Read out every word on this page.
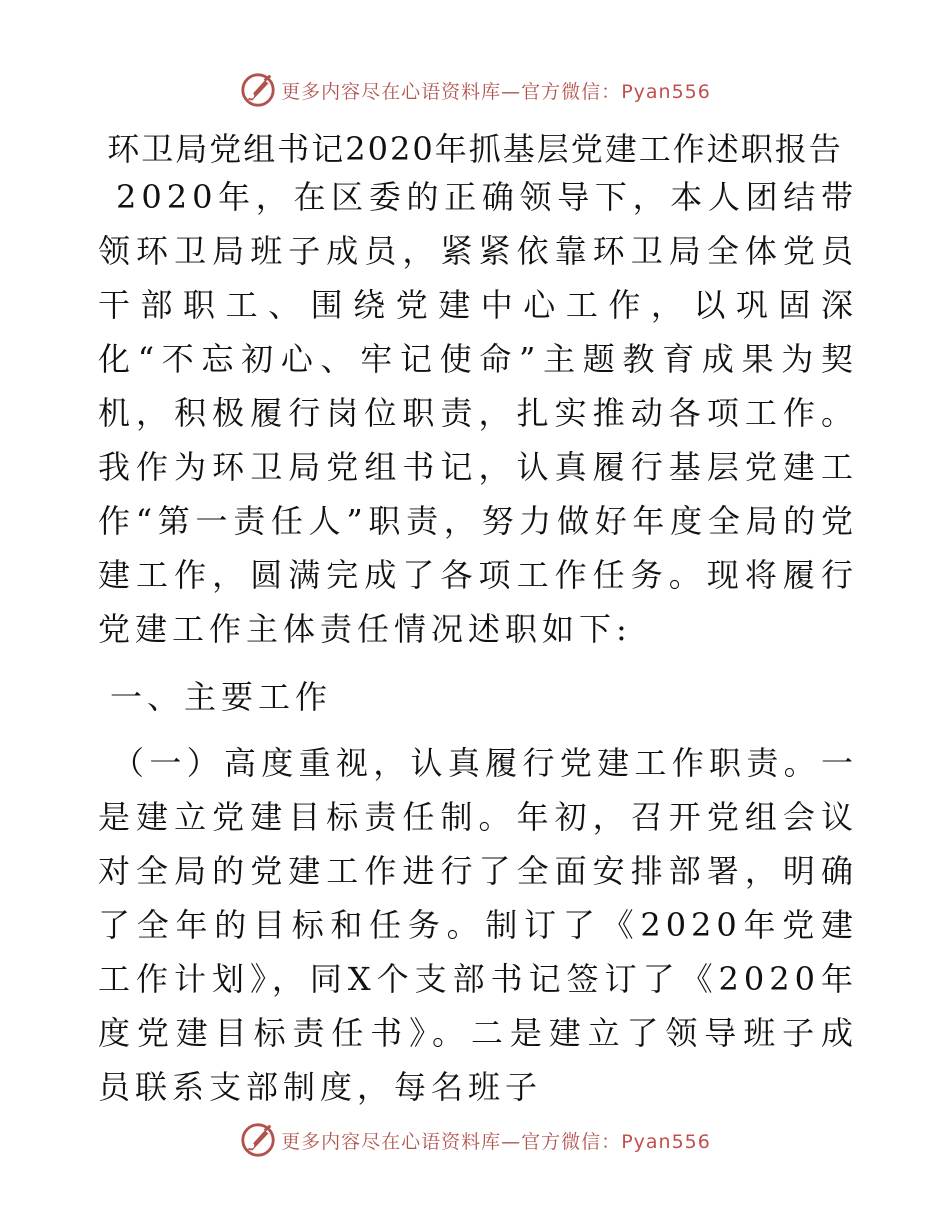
更多内容尽在心语资料库—官方微信：Pyan556
环卫局党组书记2020年抓基层党建工作述职报告

2020年，在区委的正确领导下，本人团结带领环卫局班子成员，紧紧依靠环卫局全体党员干部职工、围绕党建中心工作，以巩固深化“不忘初心、牢记使命”主题教育成果为契机，积极履行岗位职责，扎实推动各项工作。我作为环卫局党组书记，认真履行基层党建工作“第一责任人”职责，努力做好年度全局的党建工作，圆满完成了各项工作任务。现将履行党建工作主体责任情况述职如下:

一、主要工作

（一）高度重视，认真履行党建工作职责。一是建立党建目标责任制。年初，召开党组会议对全局的党建工作进行了全面安排部署，明确了全年的目标和任务。制订了《2020年党建工作计划》，同X个支部书记签订了《2020年度党建目标责任书》。二是建立了领导班子成员联系支部制度，每名班子

更多内容尽在心语资料库—官方微信：Pyan556
